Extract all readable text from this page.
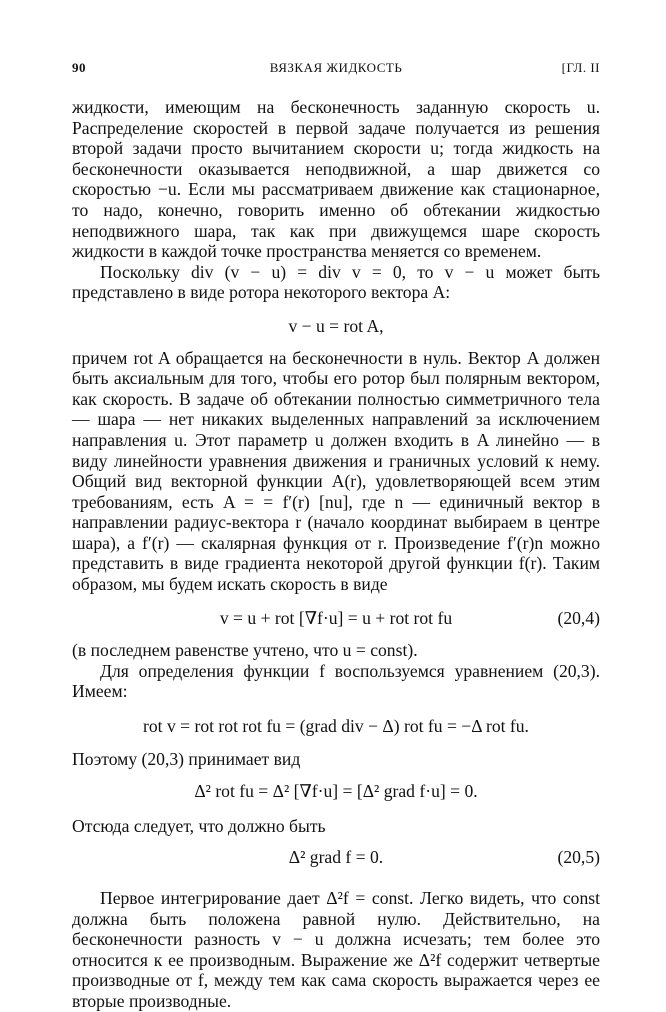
90	ВЯЗКАЯ ЖИДКОСТЬ	[ГЛ. II

жидкости, имеющим на бесконечность заданную скорость u. Распределение скоростей в первой задаче получается из решения второй задачи просто вычитанием скорости u; тогда жидкость на бесконечности оказывается неподвижной, а шар движется со скоростью −u. Если мы рассматриваем движение как стационарное, то надо, конечно, говорить именно об обтекании жидкостью неподвижного шара, так как при движущемся шаре скорость жидкости в каждой точке пространства меняется со временем.

Поскольку div (v − u) = div v = 0, то v − u может быть представлено в виде ротора некоторого вектора A:

v − u = rot A,

причем rot A обращается на бесконечности в нуль. Вектор A должен быть аксиальным для того, чтобы его ротор был полярным вектором, как скорость. В задаче об обтекании полностью симметричного тела — шара — нет никаких выделенных направлений за исключением направления u. Этот параметр u должен входить в A линейно — в виду линейности уравнения движения и граничных условий к нему. Общий вид векторной функции A(r), удовлетворяющей всем этим требованиям, есть A = = f′(r) [nu], где n — единичный вектор в направлении радиус-вектора r (начало координат выбираем в центре шара), а f′(r) — скалярная функция от r. Произведение f′(r)n можно представить в виде градиента некоторой другой функции f(r). Таким образом, мы будем искать скорость в виде

v = u + rot [∇f·u] = u + rot rot fu	(20,4)

(в последнем равенстве учтено, что u = const).

Для определения функции f воспользуемся уравнением (20,3). Имеем:

rot v = rot rot rot fu = (grad div − Δ) rot fu = −Δ rot fu.

Поэтому (20,3) принимает вид

Δ² rot fu = Δ² [∇f·u] = [Δ² grad f·u] = 0.

Отсюда следует, что должно быть

Δ² grad f = 0.	(20,5)

Первое интегрирование дает Δ²f = const. Легко видеть, что const должна быть положена равной нулю. Действительно, на бесконечности разность v − u должна исчезать; тем более это относится к ее производным. Выражение же Δ²f содержит четвертые производные от f, между тем как сама скорость выражается через ее вторые производные.
